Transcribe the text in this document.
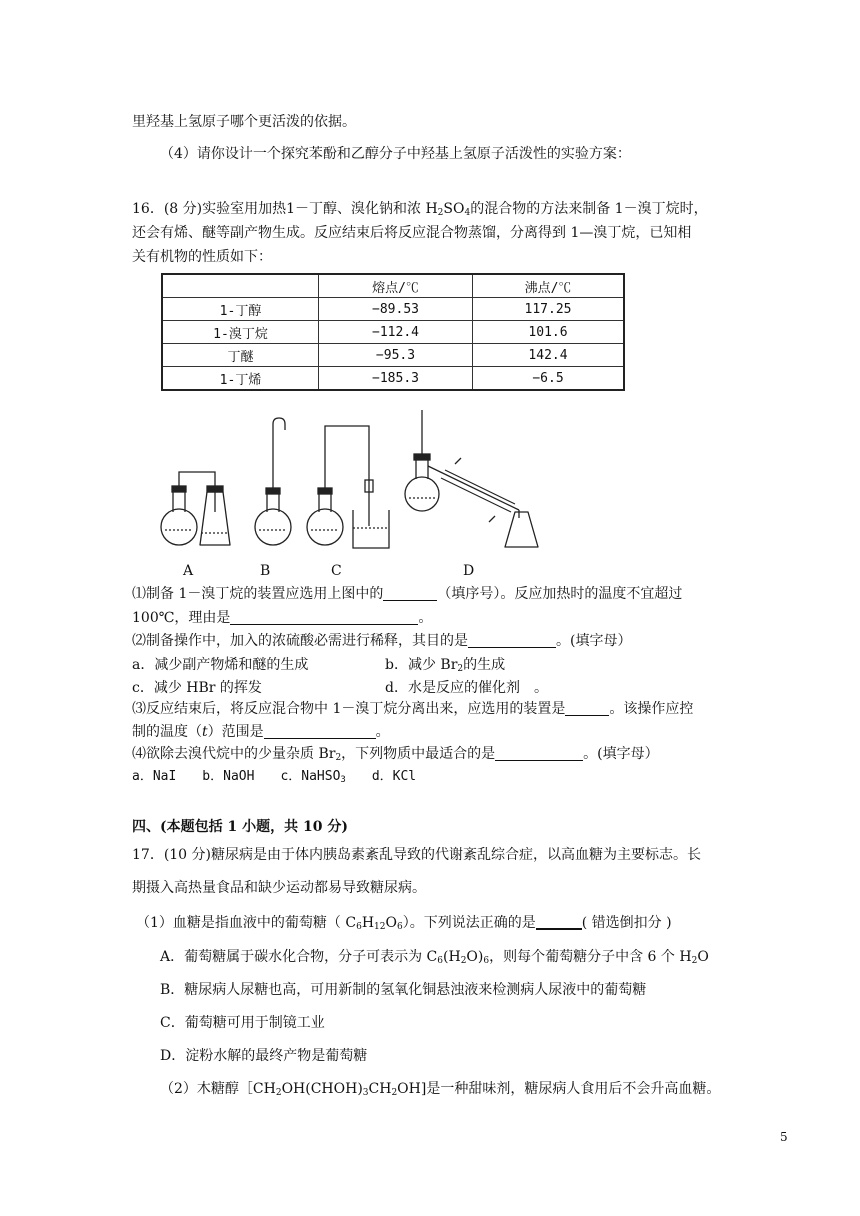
里羟基上氢原子哪个更活泼的依据。
（4）请你设计一个探究苯酚和乙醇分子中羟基上氢原子活泼性的实验方案：
16．(8 分)实验室用加热1－丁醇、溴化钠和浓 $H_2SO_4$的混合物的方法来制备 1－溴丁烷时，
还会有烯、醚等副产物生成。反应结束后将反应混合物蒸馏，分离得到 1—溴丁烷，已知相
关有机物的性质如下：
	熔点/℃	沸点/℃
1-丁醇	−89.53	117.25
1-溴丁烷	−112.4	101.6
丁醚	−95.3	142.4
1-丁烯	−185.3	−6.5
A	B	C	D
⑴制备 1－溴丁烷的装置应选用上图中的	（填序号）。反应加热时的温度不宜超过
100℃，理由是	。
⑵制备操作中，加入的浓硫酸必需进行稀释，其目的是	。(填字母）
a．减少副产物烯和醚的生成	b．减少 $Br_2$的生成
c．减少 HBr 的挥发	d．水是反应的催化剂　。
⑶反应结束后，将反应混合物中 1－溴丁烷分离出来，应选用的装置是	。该操作应控
制的温度（t）范围是	。
⑷欲除去溴代烷中的少量杂质 $Br_2$，下列物质中最适合的是	。(填字母）
a．NaI　　b．NaOH　　c．NaHSO$_3$　　d．KCl
四、(本题包括 1 小题，共 10 分)
17．(10 分)糖尿病是由于体内胰岛素紊乱导致的代谢紊乱综合症，以高血糖为主要标志。长
期摄入高热量食品和缺少运动都易导致糖尿病。
（1）血糖是指血液中的葡萄糖（ $C_6H_{12}O_6$）。下列说法正确的是	( 错选倒扣分 )
A．葡萄糖属于碳水化合物，分子可表示为 $C_6(H_2O)_6$，则每个葡萄糖分子中含 6 个 $H_2O$
B．糖尿病人尿糖也高，可用新制的氢氧化铜悬浊液来检测病人尿液中的葡萄糖
C．葡萄糖可用于制镜工业
D．淀粉水解的最终产物是葡萄糖
（2）木糖醇$[CH_2OH(CHOH)_3CH_2OH$]是一种甜味剂，糖尿病人食用后不会升高血糖。
5
